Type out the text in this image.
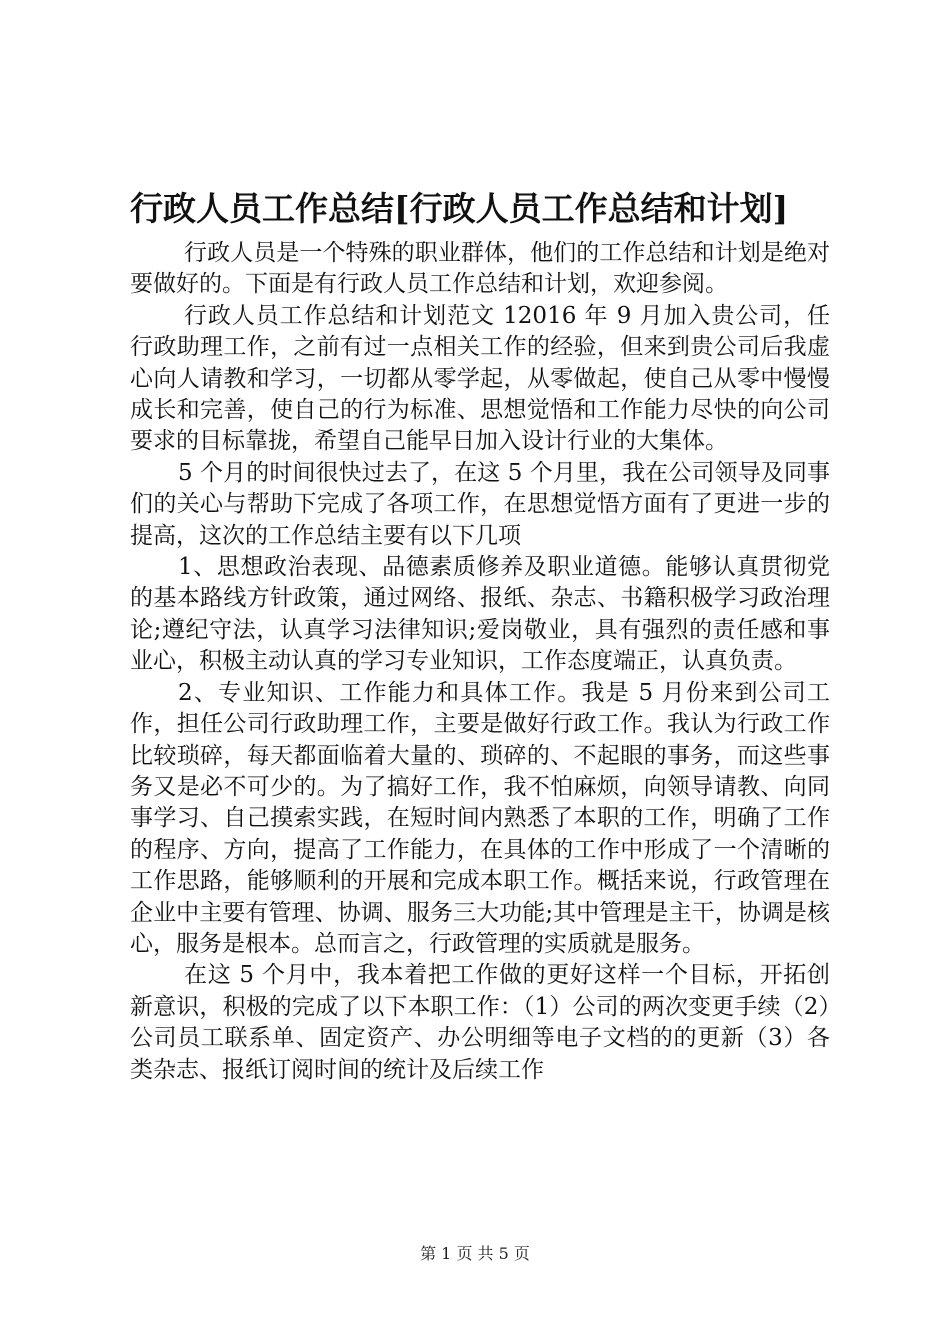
行政人员工作总结[行政人员工作总结和计划]

行政人员是一个特殊的职业群体，他们的工作总结和计划是绝对要做好的。下面是有行政人员工作总结和计划，欢迎参阅。

行政人员工作总结和计划范文 12016 年 9 月加入贵公司，任行政助理工作，之前有过一点相关工作的经验，但来到贵公司后我虚心向人请教和学习，一切都从零学起，从零做起，使自己从零中慢慢成长和完善，使自己的行为标准、思想觉悟和工作能力尽快的向公司要求的目标靠拢，希望自己能早日加入设计行业的大集体。

5 个月的时间很快过去了，在这 5 个月里，我在公司领导及同事们的关心与帮助下完成了各项工作，在思想觉悟方面有了更进一步的提高，这次的工作总结主要有以下几项

1、思想政治表现、品德素质修养及职业道德。能够认真贯彻党的基本路线方针政策，通过网络、报纸、杂志、书籍积极学习政治理论;遵纪守法，认真学习法律知识;爱岗敬业，具有强烈的责任感和事业心，积极主动认真的学习专业知识，工作态度端正，认真负责。

2、专业知识、工作能力和具体工作。我是 5 月份来到公司工作，担任公司行政助理工作，主要是做好行政工作。我认为行政工作比较琐碎，每天都面临着大量的、琐碎的、不起眼的事务，而这些事务又是必不可少的。为了搞好工作，我不怕麻烦，向领导请教、向同事学习、自己摸索实践，在短时间内熟悉了本职的工作，明确了工作的程序、方向，提高了工作能力，在具体的工作中形成了一个清晰的工作思路，能够顺利的开展和完成本职工作。概括来说，行政管理在企业中主要有管理、协调、服务三大功能;其中管理是主干，协调是核心，服务是根本。总而言之，行政管理的实质就是服务。

在这 5 个月中，我本着把工作做的更好这样一个目标，开拓创新意识，积极的完成了以下本职工作：（1）公司的两次变更手续（2）公司员工联系单、固定资产、办公明细等电子文档的的更新（3）各类杂志、报纸订阅时间的统计及后续工作

第 1 页 共 5 页
